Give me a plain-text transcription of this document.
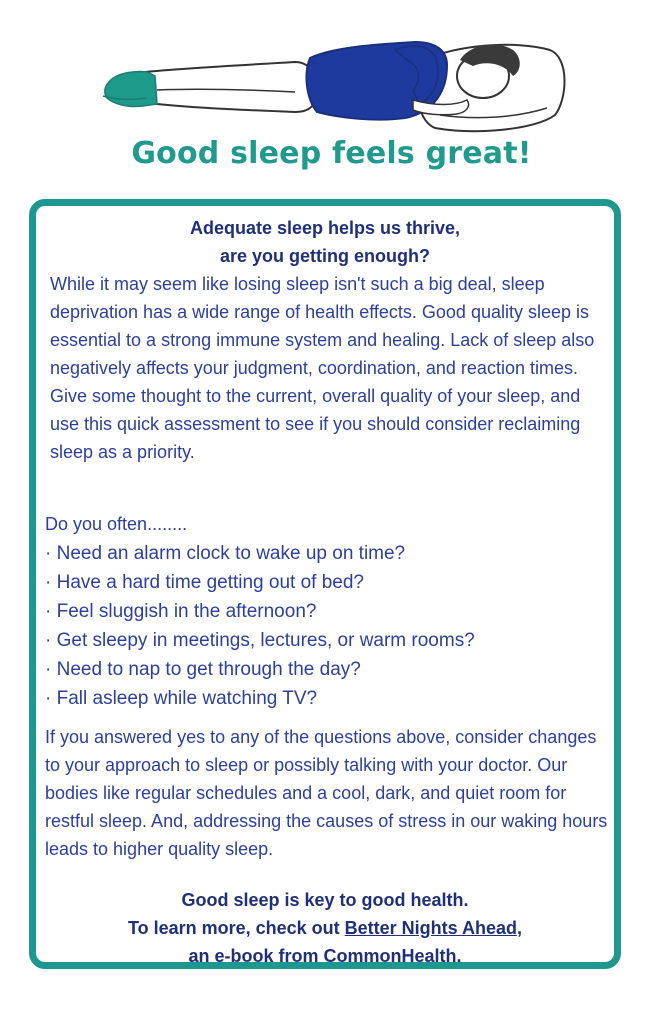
Good sleep feels great!
Adequate sleep helps us thrive,
are you getting enough?
While it may seem like losing sleep isn't such a big deal, sleep deprivation has a wide range of health effects. Good quality sleep is essential to a strong immune system and healing. Lack of sleep also negatively affects your judgment, coordination, and reaction times. Give some thought to the current, overall quality of your sleep, and use this quick assessment to see if you should consider reclaiming sleep as a priority.
Do you often........
· Need an alarm clock to wake up on time?
· Have a hard time getting out of bed?
· Feel sluggish in the afternoon?
· Get sleepy in meetings, lectures, or warm rooms?
· Need to nap to get through the day?
· Fall asleep while watching TV?
If you answered yes to any of the questions above, consider changes to your approach to sleep or possibly talking with your doctor. Our bodies like regular schedules and a cool, dark, and quiet room for restful sleep. And, addressing the causes of stress in our waking hours leads to higher quality sleep.
Good sleep is key to good health.
To learn more, check out Better Nights Ahead,
an e-book from CommonHealth.
